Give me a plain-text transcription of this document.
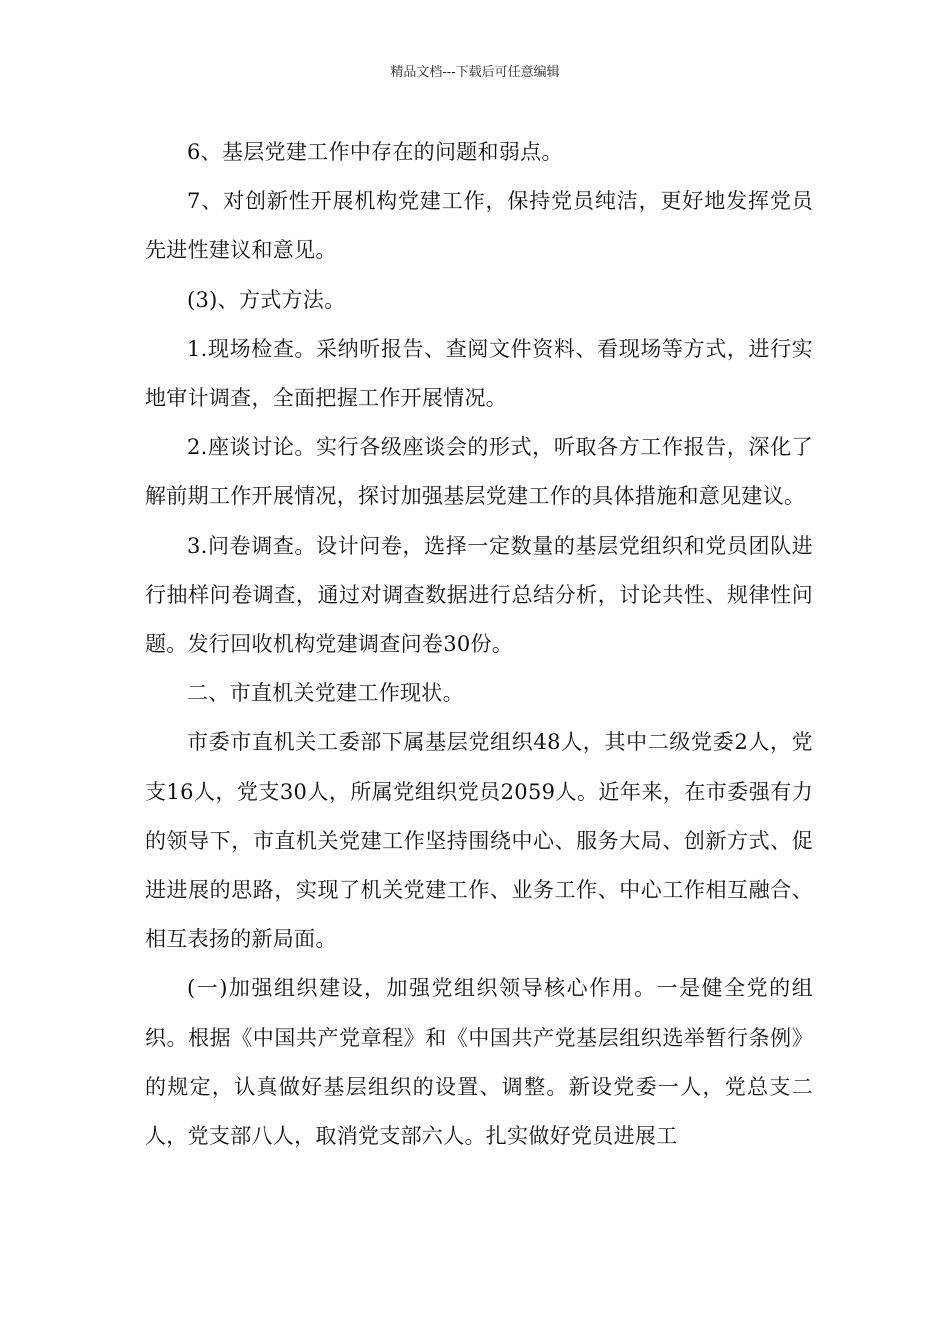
精品文档---下载后可任意编辑

6、基层党建工作中存在的问题和弱点。

7、对创新性开展机构党建工作，保持党员纯洁，更好地发挥党员先进性建议和意见。

(3)、方式方法。

1.现场检查。采纳听报告、查阅文件资料、看现场等方式，进行实地审计调查，全面把握工作开展情况。

2.座谈讨论。实行各级座谈会的形式，听取各方工作报告，深化了解前期工作开展情况，探讨加强基层党建工作的具体措施和意见建议。

3.问卷调查。设计问卷，选择一定数量的基层党组织和党员团队进行抽样问卷调查，通过对调查数据进行总结分析，讨论共性、规律性问题。发行回收机构党建调查问卷30份。

二、市直机关党建工作现状。

市委市直机关工委部下属基层党组织48人，其中二级党委2人，党支16人，党支30人，所属党组织党员2059人。近年来，在市委强有力的领导下，市直机关党建工作坚持围绕中心、服务大局、创新方式、促进进展的思路，实现了机关党建工作、业务工作、中心工作相互融合、相互表扬的新局面。

(一)加强组织建设，加强党组织领导核心作用。一是健全党的组织。根据《中国共产党章程》和《中国共产党基层组织选举暂行条例》的规定，认真做好基层组织的设置、调整。新设党委一人，党总支二人，党支部八人，取消党支部六人。扎实做好党员进展工
